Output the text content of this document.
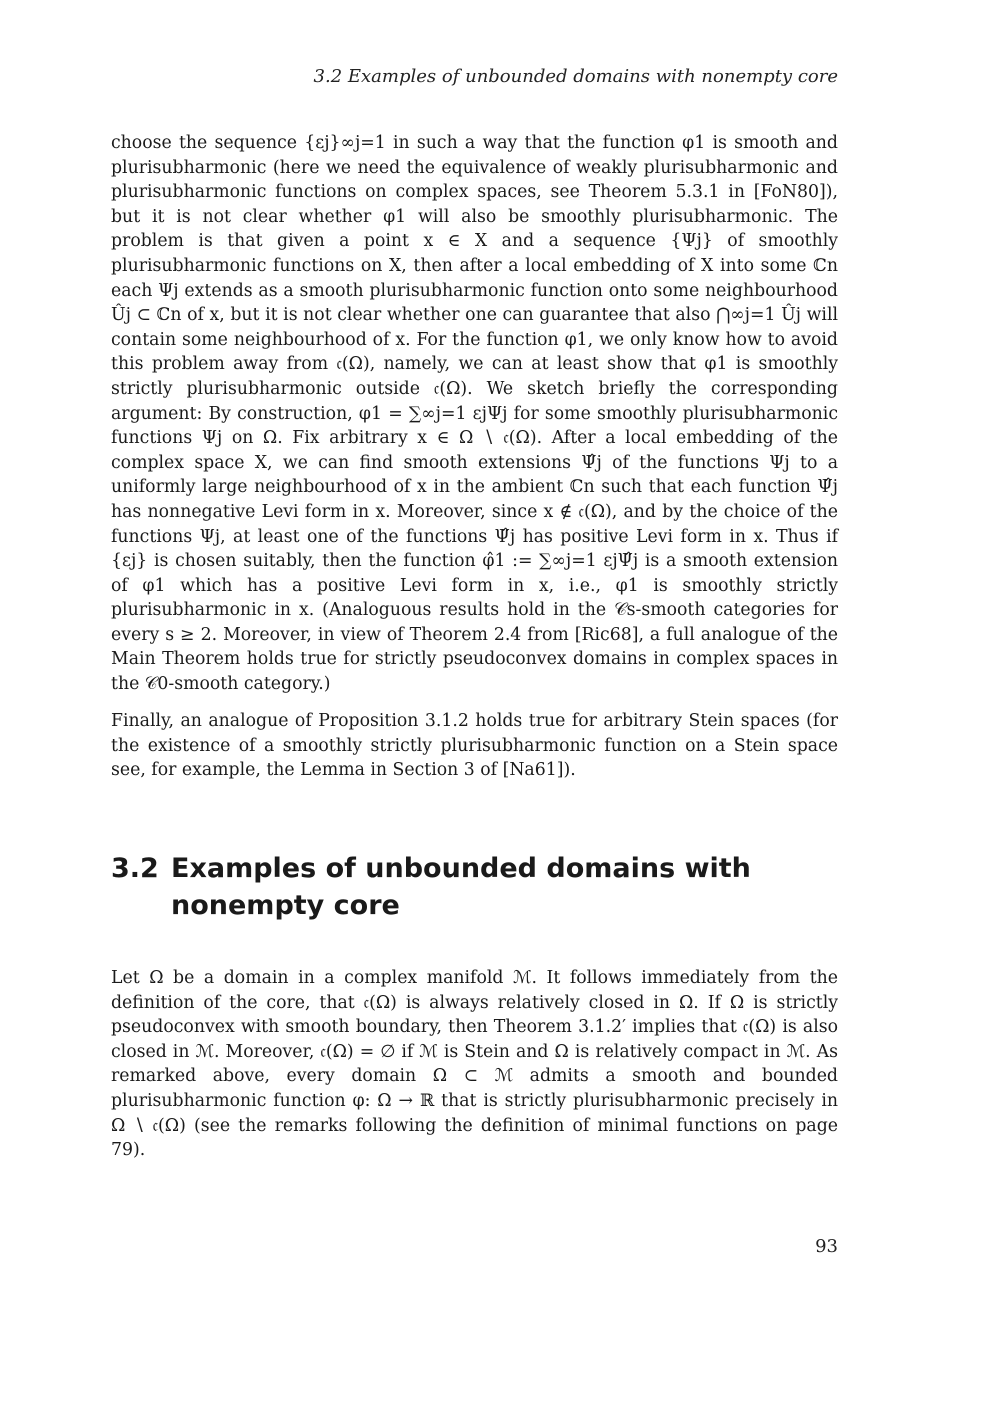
3.2 Examples of unbounded domains with nonempty core

choose the sequence {εj}∞j=1 in such a way that the function φ1 is smooth and plurisubharmonic (here we need the equivalence of weakly plurisubharmonic and plurisubharmonic functions on complex spaces, see Theorem 5.3.1 in [FoN80]), but it is not clear whether φ1 will also be smoothly plurisubharmonic. The problem is that given a point x ∈ X and a sequence {Ψj} of smoothly plurisubharmonic functions on X, then after a local embedding of X into some ℂn each Ψj extends as a smooth plurisubharmonic function onto some neighbourhood Ûj ⊂ ℂn of x, but it is not clear whether one can guarantee that also ⋂∞j=1 Ûj will contain some neighbourhood of x. For the function φ1, we only know how to avoid this problem away from 𝔠(Ω), namely, we can at least show that φ1 is smoothly strictly plurisubharmonic outside 𝔠(Ω). We sketch briefly the corresponding argument: By construction, φ1 = ∑∞j=1 εjΨj for some smoothly plurisubharmonic functions Ψj on Ω. Fix arbitrary x ∈ Ω ∖ 𝔠(Ω). After a local embedding of the complex space X, we can find smooth extensions Ψ̂j of the functions Ψj to a uniformly large neighbourhood of x in the ambient ℂn such that each function Ψ̂j has nonnegative Levi form in x. Moreover, since x ∉ 𝔠(Ω), and by the choice of the functions Ψj, at least one of the functions Ψ̂j has positive Levi form in x. Thus if {εj} is chosen suitably, then the function φ̂1 := ∑∞j=1 εjΨ̂j is a smooth extension of φ1 which has a positive Levi form in x, i.e., φ1 is smoothly strictly plurisubharmonic in x. (Analoguous results hold in the 𝒞s-smooth categories for every s ≥ 2. Moreover, in view of Theorem 2.4 from [Ric68], a full analogue of the Main Theorem holds true for strictly pseudoconvex domains in complex spaces in the 𝒞0-smooth category.)

Finally, an analogue of Proposition 3.1.2 holds true for arbitrary Stein spaces (for the existence of a smoothly strictly plurisubharmonic function on a Stein space see, for example, the Lemma in Section 3 of [Na61]).

3.2 Examples of unbounded domains with nonempty core

Let Ω be a domain in a complex manifold ℳ. It follows immediately from the definition of the core, that 𝔠(Ω) is always relatively closed in Ω. If Ω is strictly pseudoconvex with smooth boundary, then Theorem 3.1.2′ implies that 𝔠(Ω) is also closed in ℳ. Moreover, 𝔠(Ω) = ∅ if ℳ is Stein and Ω is relatively compact in ℳ. As remarked above, every domain Ω ⊂ ℳ admits a smooth and bounded plurisubharmonic function φ: Ω → ℝ that is strictly plurisubharmonic precisely in Ω ∖ 𝔠(Ω) (see the remarks following the definition of minimal functions on page 79).

93
